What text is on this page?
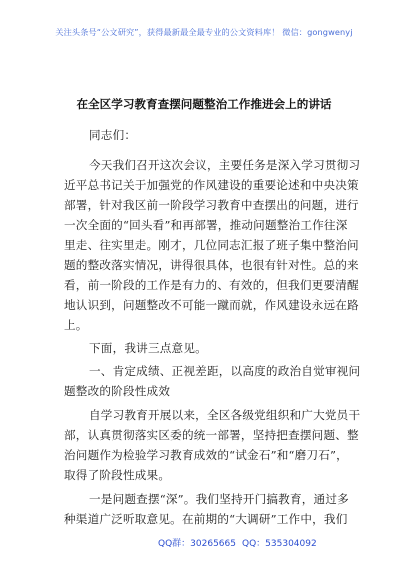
关注头条号“公文研究”，获得最新最全最专业的公文资料库！ 微信：gongwenyj
在全区学习教育查摆问题整治工作推进会上的讲话
同志们：
今天我们召开这次会议，主要任务是深入学习贯彻习
近平总书记关于加强党的作风建设的重要论述和中央决策
部署，针对我区前一阶段学习教育中查摆出的问题，进行
一次全面的“回头看”和再部署，推动问题整治工作往深
里走、往实里走。刚才，几位同志汇报了班子集中整治问
题的整改落实情况，讲得很具体，也很有针对性。总的来
看，前一阶段的工作是有力的、有效的，但我们更要清醒
地认识到，问题整改不可能一蹴而就，作风建设永远在路
上。
下面，我讲三点意见。
一、肯定成绩、正视差距，以高度的政治自觉审视问
题整改的阶段性成效
自学习教育开展以来，全区各级党组织和广大党员干
部，认真贯彻落实区委的统一部署，坚持把查摆问题、整
治问题作为检验学习教育成效的“试金石”和“磨刀石”，
取得了阶段性成果。
一是问题查摆“深”。我们坚持开门搞教育，通过多
种渠道广泛听取意见。在前期的“大调研”工作中，我们
QQ群：30265665 QQ：535304092
